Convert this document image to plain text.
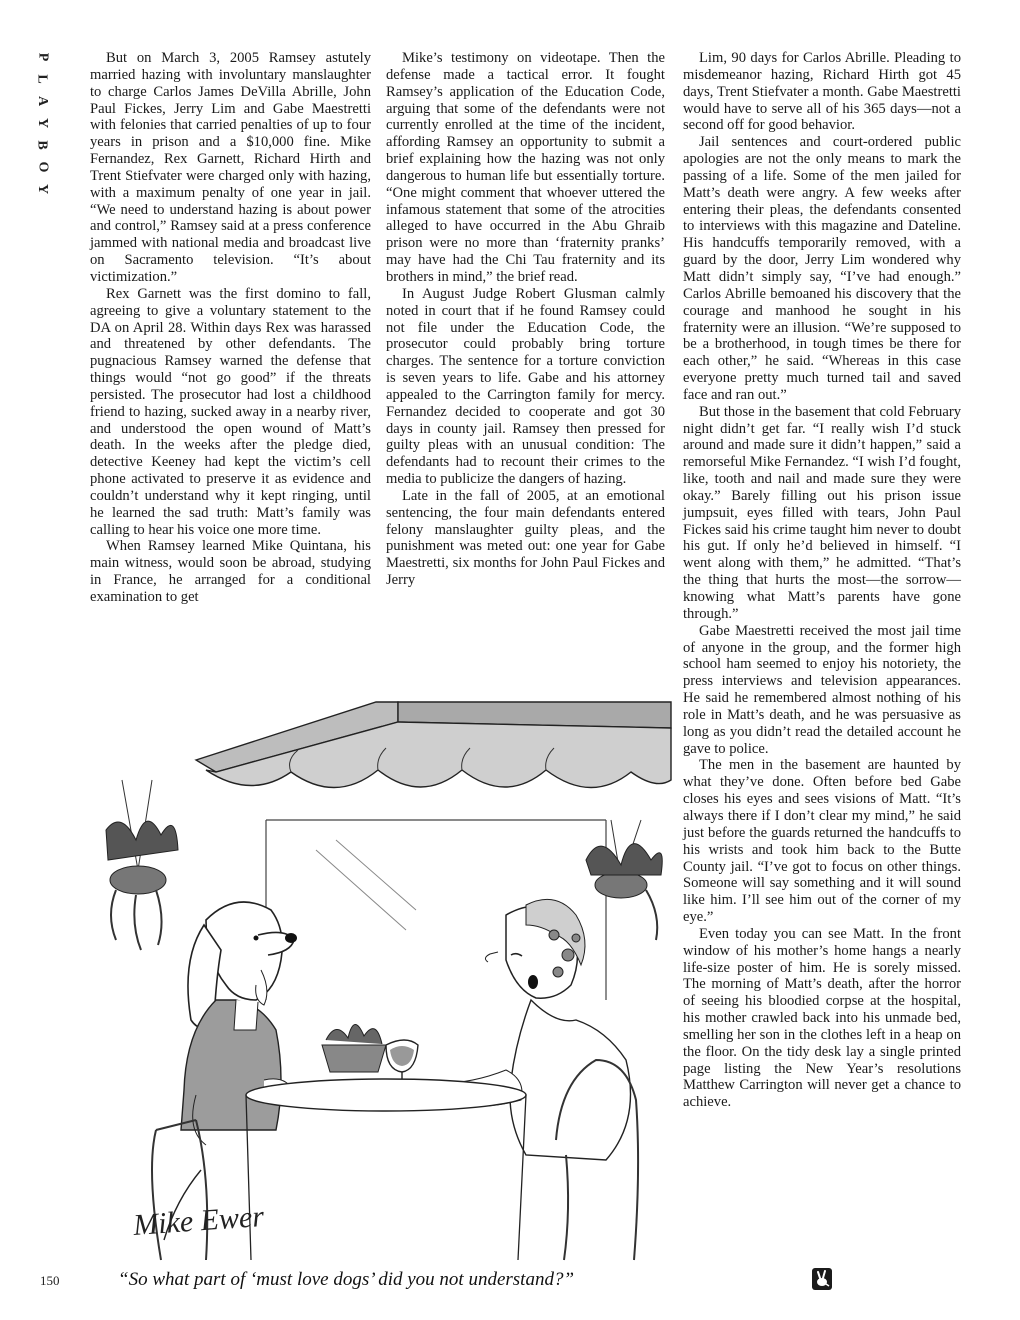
P
L
A
Y
B
O
Y

But on March 3, 2005 Ramsey astutely married hazing with involuntary manslaughter to charge Carlos James DeVilla Abrille, John Paul Fickes, Jerry Lim and Gabe Maestretti with felonies that carried penalties of up to four years in prison and a $10,000 fine. Mike Fernandez, Rex Garnett, Richard Hirth and Trent Stiefvater were charged only with hazing, with a maximum penalty of one year in jail. “We need to understand hazing is about power and control,” Ramsey said at a press conference jammed with national media and broadcast live on Sacramento television. “It’s about victimization.”

Rex Garnett was the first domino to fall, agreeing to give a voluntary statement to the DA on April 28. Within days Rex was harassed and threatened by other defendants. The pugnacious Ramsey warned the defense that things would “not go good” if the threats persisted. The prosecutor had lost a childhood friend to hazing, sucked away in a nearby river, and understood the open wound of Matt’s death. In the weeks after the pledge died, detective Keeney had kept the victim’s cell phone activated to preserve it as evidence and couldn’t understand why it kept ringing, until he learned the sad truth: Matt’s family was calling to hear his voice one more time.

When Ramsey learned Mike Quintana, his main witness, would soon be abroad, studying in France, he arranged for a conditional examination to get

Mike’s testimony on videotape. Then the defense made a tactical error. It fought Ramsey’s application of the Education Code, arguing that some of the defendants were not currently enrolled at the time of the incident, affording Ramsey an opportunity to submit a brief explaining how the hazing was not only dangerous to human life but essentially torture. “One might comment that whoever uttered the infamous statement that some of the atrocities alleged to have occurred in the Abu Ghraib prison were no more than ‘fraternity pranks’ may have had the Chi Tau fraternity and its brothers in mind,” the brief read.

In August Judge Robert Glusman calmly noted in court that if he found Ramsey could not file under the Education Code, the prosecutor could probably bring torture charges. The sentence for a torture conviction is seven years to life. Gabe and his attorney appealed to the Carrington family for mercy. Fernandez decided to cooperate and got 30 days in county jail. Ramsey then pressed for guilty pleas with an unusual condition: The defendants had to recount their crimes to the media to publicize the dangers of hazing.

Late in the fall of 2005, at an emotional sentencing, the four main defendants entered felony manslaughter guilty pleas, and the punishment was meted out: one year for Gabe Maestretti, six months for John Paul Fickes and Jerry

Lim, 90 days for Carlos Abrille. Pleading to misdemeanor hazing, Richard Hirth got 45 days, Trent Stiefvater a month. Gabe Maestretti would have to serve all of his 365 days—not a second off for good behavior.

Jail sentences and court-ordered public apologies are not the only means to mark the passing of a life. Some of the men jailed for Matt’s death were angry. A few weeks after entering their pleas, the defendants consented to interviews with this magazine and Dateline. His handcuffs temporarily removed, with a guard by the door, Jerry Lim wondered why Matt didn’t simply say, “I’ve had enough.” Carlos Abrille bemoaned his discovery that the courage and manhood he sought in his fraternity were an illusion. “We’re supposed to be a brotherhood, in tough times be there for each other,” he said. “Whereas in this case everyone pretty much turned tail and saved face and ran out.”

But those in the basement that cold February night didn’t get far. “I really wish I’d stuck around and made sure it didn’t happen,” said a remorseful Mike Fernandez. “I wish I’d fought, like, tooth and nail and made sure they were okay.” Barely filling out his prison issue jumpsuit, eyes filled with tears, John Paul Fickes said his crime taught him never to doubt his gut. If only he’d believed in himself. “I went along with them,” he admitted. “That’s the thing that hurts the most—the sorrow—knowing what Matt’s parents have gone through.”

Gabe Maestretti received the most jail time of anyone in the group, and the former high school ham seemed to enjoy his notoriety, the press interviews and television appearances. He said he remembered almost nothing of his role in Matt’s death, and he was persuasive as long as you didn’t read the detailed account he gave to police.

The men in the basement are haunted by what they’ve done. Often before bed Gabe closes his eyes and sees visions of Matt. “It’s always there if I don’t clear my mind,” he said just before the guards returned the handcuffs to his wrists and took him back to the Butte County jail. “I’ve got to focus on other things. Someone will say something and it will sound like him. I’ll see him out of the corner of my eye.”

Even today you can see Matt. In the front window of his mother’s home hangs a nearly life-size poster of him. He is sorely missed. The morning of Matt’s death, after the horror of seeing his bloodied corpse at the hospital, his mother crawled back into his unmade bed, smelling her son in the clothes left in a heap on the floor. On the tidy desk lay a single printed page listing the New Year’s resolutions Matthew Carrington will never get a chance to achieve.

Mike Ewer
“So what part of ‘must love dogs’ did you not understand?”
150
